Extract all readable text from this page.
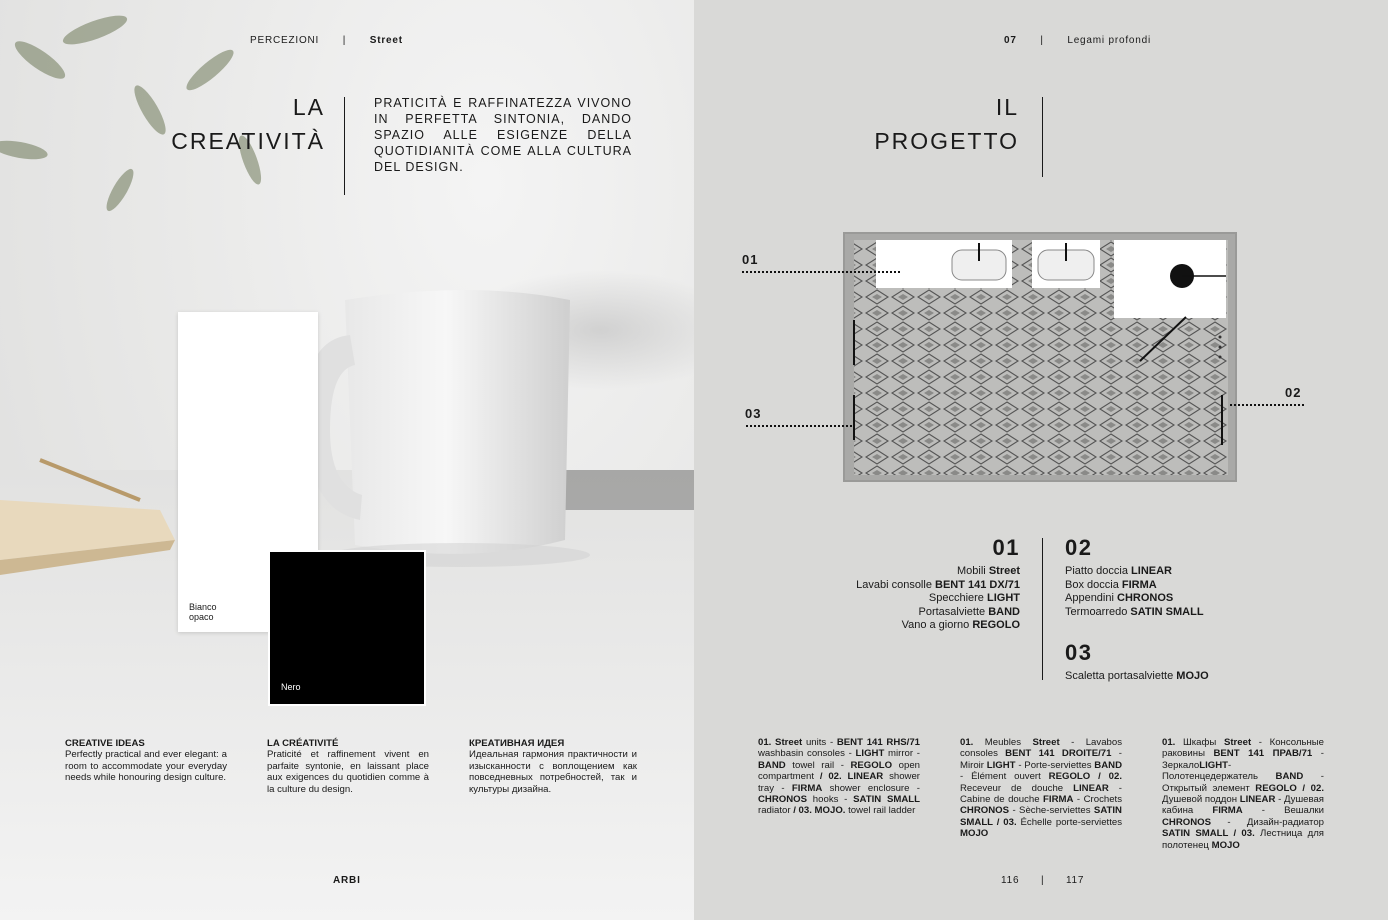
PERCEZIONI | Street
LA
CREATIVITÀ
PRATICITÀ E RAFFINATEZZA VIVONO IN PERFETTA SINTONIA, DANDO SPAZIO ALLE ESIGENZE DELLA QUOTIDIANITÀ COME ALLA CULTURA DEL DESIGN.
Bianco
opaco
Nero
CREATIVE IDEAS
Perfectly practical and ever elegant: a room to accommodate your everyday needs while honouring design culture.
LA CRÉATIVITÉ
Praticité et raffinement vivent en parfaite syntonie, en laissant place aux exigences du quotidien comme à la culture du design.
КРЕАТИВНАЯ ИДЕЯ
Идеальная гармония практичности и изысканности с воплощением как повседневных потребностей, так и культуры дизайна.
ARBI
07 | Legami profondi
IL
PROGETTO
01
03
02
01
Mobili Street
Lavabi consolle BENT 141 DX/71
Specchiere LIGHT
Portasalviette BAND
Vano a giorno REGOLO
02
Piatto doccia LINEAR
Box doccia FIRMA
Appendini CHRONOS
Termoarredo SATIN SMALL
03
Scaletta portasalviette MOJO
01. Street units - BENT 141 RHS/71 washbasin consoles - LIGHT mirror - BAND towel rail - REGOLO open compartment / 02. LINEAR shower tray - FIRMA shower enclosure - CHRONOS hooks - SATIN SMALL radiator / 03. MOJO. towel rail ladder
01. Meubles Street - Lavabos consoles BENT 141 DROITE/71 - Miroir LIGHT - Porte-serviettes BAND - Élément ouvert REGOLO / 02. Receveur de douche LINEAR - Cabine de douche FIRMA - Crochets CHRONOS - Sèche-serviettes SATIN SMALL / 03. Échelle porte-serviettes MOJO
01. Шкафы Street - Консольные раковины BENT 141 ПРАВ/71 - ЗеркалоLIGHT-Полотенцедержатель BAND - Открытый элемент REGOLO / 02. Душевой поддон LINEAR - Душевая кабина FIRMA - Вешалки CHRONOS - Дизайн-радиатор SATIN SMALL / 03. Лестница для полотенец MOJO
116 | 117
